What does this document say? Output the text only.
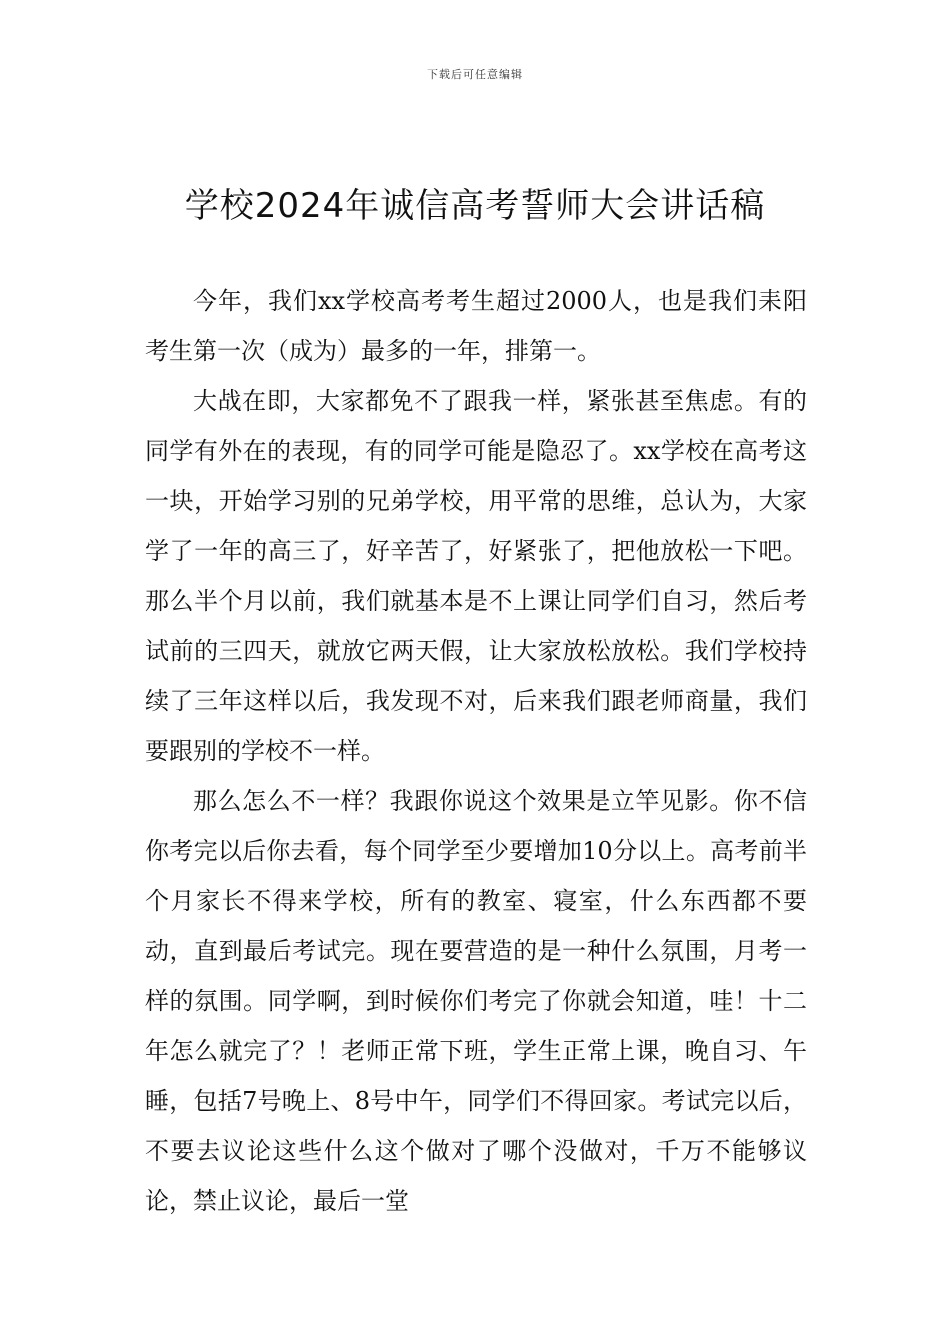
下载后可任意编辑
学校2024年诚信高考誓师大会讲话稿

今年，我们xx学校高考考生超过2000人，也是我们耒阳考生第一次（成为）最多的一年，排第一。

大战在即，大家都免不了跟我一样，紧张甚至焦虑。有的同学有外在的表现，有的同学可能是隐忍了。xx学校在高考这一块，开始学习别的兄弟学校，用平常的思维，总认为，大家学了一年的高三了，好辛苦了，好紧张了，把他放松一下吧。那么半个月以前，我们就基本是不上课让同学们自习，然后考试前的三四天，就放它两天假，让大家放松放松。我们学校持续了三年这样以后，我发现不对，后来我们跟老师商量，我们要跟别的学校不一样。

那么怎么不一样？我跟你说这个效果是立竿见影。你不信你考完以后你去看，每个同学至少要增加10分以上。高考前半个月家长不得来学校，所有的教室、寝室，什么东西都不要动，直到最后考试完。现在要营造的是一种什么氛围，月考一样的氛围。同学啊，到时候你们考完了你就会知道，哇！十二年怎么就完了？！老师正常下班，学生正常上课，晚自习、午睡，包括7号晚上、8号中午，同学们不得回家。考试完以后，不要去议论这些什么这个做对了哪个没做对，千万不能够议论，禁止议论，最后一堂
